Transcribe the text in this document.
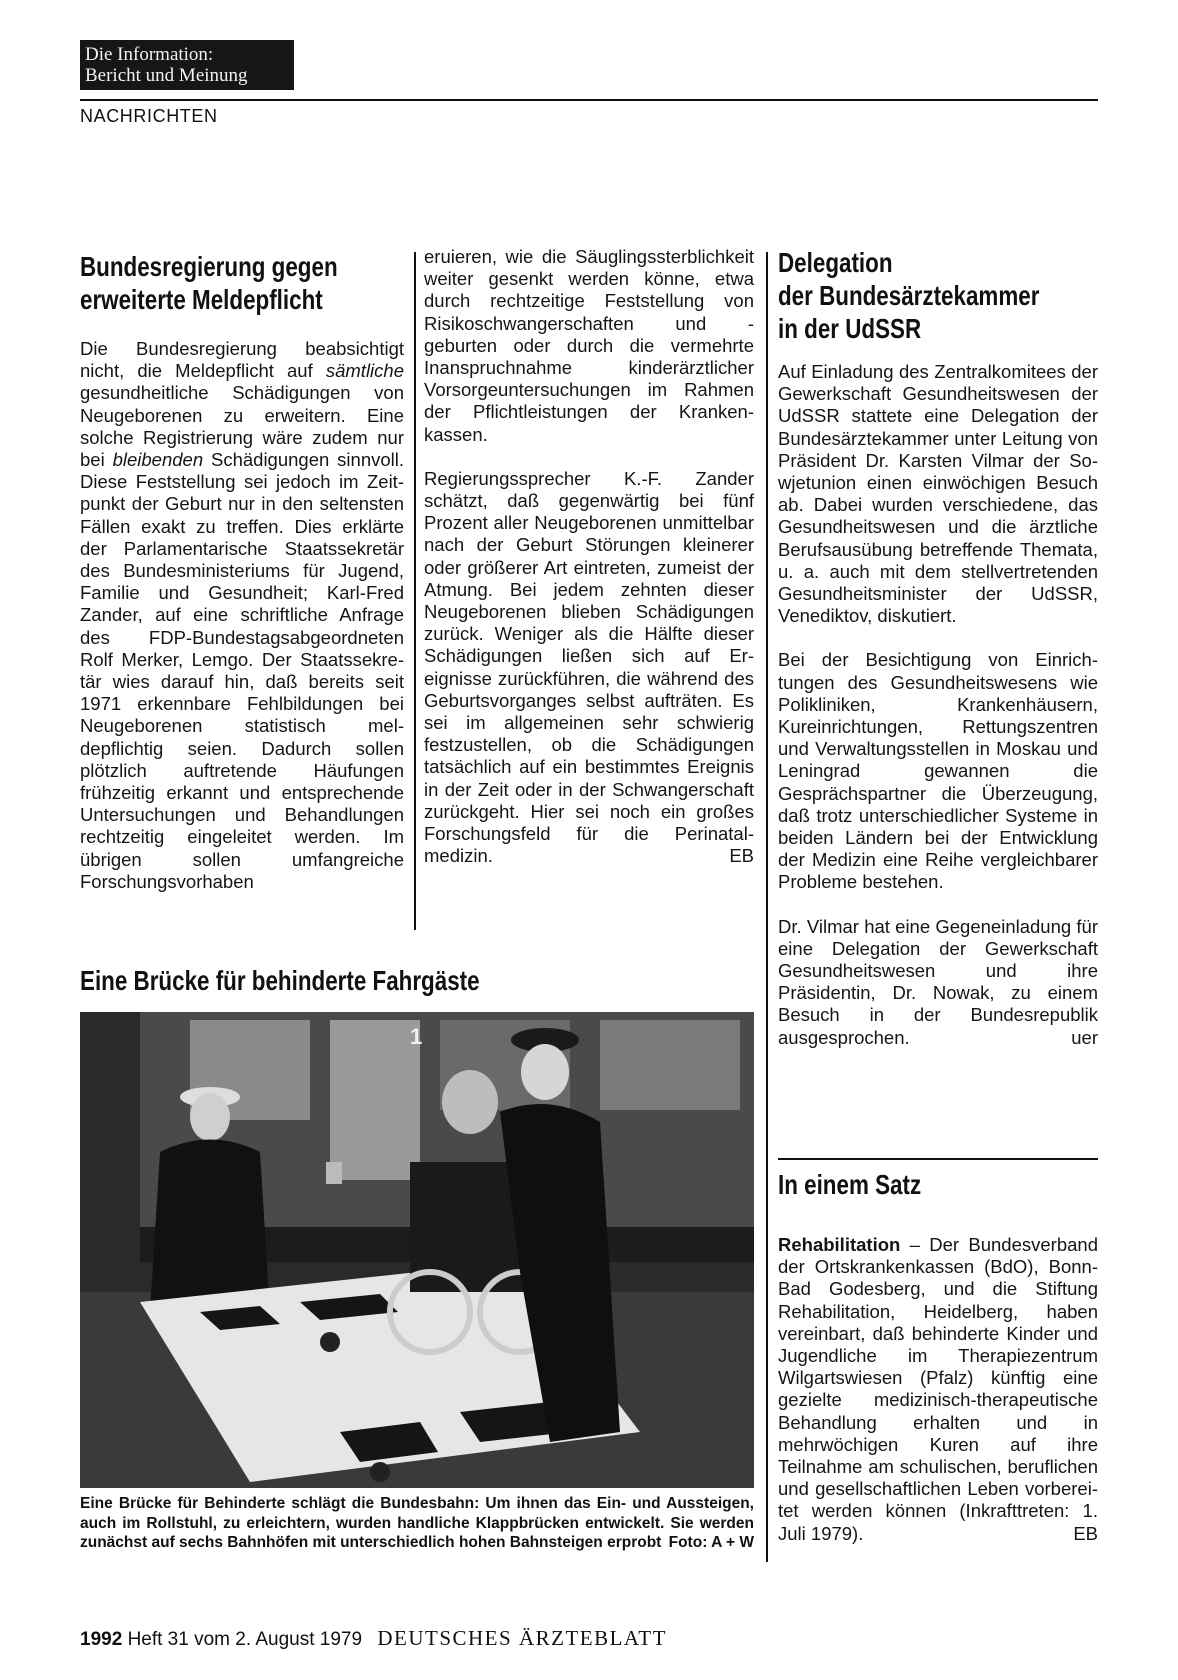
Die Information:
Bericht und Meinung
NACHRICHTEN
Bundesregierung gegen
erweiterte Meldepflicht

Die Bundesregierung beabsichtigt nicht, die Meldepflicht auf sämtliche gesundheitliche Schädigungen von Neugeborenen zu erweitern. Eine solche Registrierung wäre zudem nur bei bleibenden Schädigungen sinnvoll. Diese Feststellung sei jedoch im Zeitpunkt der Geburt nur in den seltensten Fällen exakt zu treffen. Dies erklärte der Parlamentarische Staatssekretär des Bundesministeriums für Jugend, Familie und Gesundheit; Karl-Fred Zander, auf eine schriftliche Anfrage des FDP-Bundestagsabgeordneten Rolf Merker, Lemgo. Der Staatssekretär wies darauf hin, daß bereits seit 1971 erkennbare Fehlbildungen bei Neugeborenen statistisch meldepflichtig seien. Dadurch sollen plötzlich auftretende Häufungen frühzeitig erkannt und entsprechende Untersuchungen und Behandlungen rechtzeitig eingeleitet werden. Im übrigen sollen umfangreiche Forschungsvorhaben

eruieren, wie die Säuglingssterblichkeit weiter gesenkt werden könne, etwa durch rechtzeitige Feststellung von Risikoschwangerschaften und -geburten oder durch die vermehrte Inanspruchnahme kinderärztlicher Vorsorgeuntersuchungen im Rahmen der Pflichtleistungen der Krankenkassen.

Regierungssprecher K.-F. Zander schätzt, daß gegenwärtig bei fünf Prozent aller Neugeborenen unmittelbar nach der Geburt Störungen kleinerer oder größerer Art eintreten, zumeist der Atmung. Bei jedem zehnten dieser Neugeborenen blieben Schädigungen zurück. Weniger als die Hälfte dieser Schädigungen ließen sich auf Ereignisse zurückführen, die während des Geburtsvorganges selbst aufträten. Es sei im allgemeinen sehr schwierig festzustellen, ob die Schädigungen tatsächlich auf ein bestimmtes Ereignis in der Zeit oder in der Schwangerschaft zurückgeht. Hier sei noch ein großes Forschungsfeld für die Perinatalmedizin.	EB
Eine Brücke für behinderte Fahrgäste
1
Eine Brücke für Behinderte schlägt die Bundesbahn: Um ihnen das Ein- und Aussteigen, auch im Rollstuhl, zu erleichtern, wurden handliche Klappbrücken entwickelt. Sie werden zunächst auf sechs Bahnhöfen mit unterschiedlich hohen Bahnsteigen erprobt Foto: A + W
Delegation
der Bundesärztekammer
in der UdSSR

Auf Einladung des Zentralkomitees der Gewerkschaft Gesundheitswesen der UdSSR stattete eine Delegation der Bundesärztekammer unter Leitung von Präsident Dr. Karsten Vilmar der Sowjetunion einen einwöchigen Besuch ab. Dabei wurden verschiedene, das Gesundheitswesen und die ärztliche Berufsausübung betreffende Themata, u. a. auch mit dem stellvertretenden Gesundheitsminister der UdSSR, Venediktov, diskutiert.

Bei der Besichtigung von Einrichtungen des Gesundheitswesens wie Polikliniken, Krankenhäusern, Kureinrichtungen, Rettungszentren und Verwaltungsstellen in Moskau und Leningrad gewannen die Gesprächspartner die Überzeugung, daß trotz unterschiedlicher Systeme in beiden Ländern bei der Entwicklung der Medizin eine Reihe vergleichbarer Probleme bestehen.

Dr. Vilmar hat eine Gegeneinladung für eine Delegation der Gewerkschaft Gesundheitswesen und ihre Präsidentin, Dr. Nowak, zu einem Besuch in der Bundesrepublik ausgesprochen.	uer
In einem Satz

Rehabilitation – Der Bundesverband der Ortskrankenkassen (BdO), Bonn-Bad Godesberg, und die Stiftung Rehabilitation, Heidelberg, haben vereinbart, daß behinderte Kinder und Jugendliche im Therapiezentrum Wilgartswiesen (Pfalz) künftig eine gezielte medizinisch-therapeutische Behandlung erhalten und in mehrwöchigen Kuren auf ihre Teilnahme am schulischen, beruflichen und gesellschaftlichen Leben vorbereitet werden können (Inkrafttreten: 1. Juli 1979).	EB
1992 Heft 31 vom 2. August 1979 DEUTSCHES ÄRZTEBLATT
